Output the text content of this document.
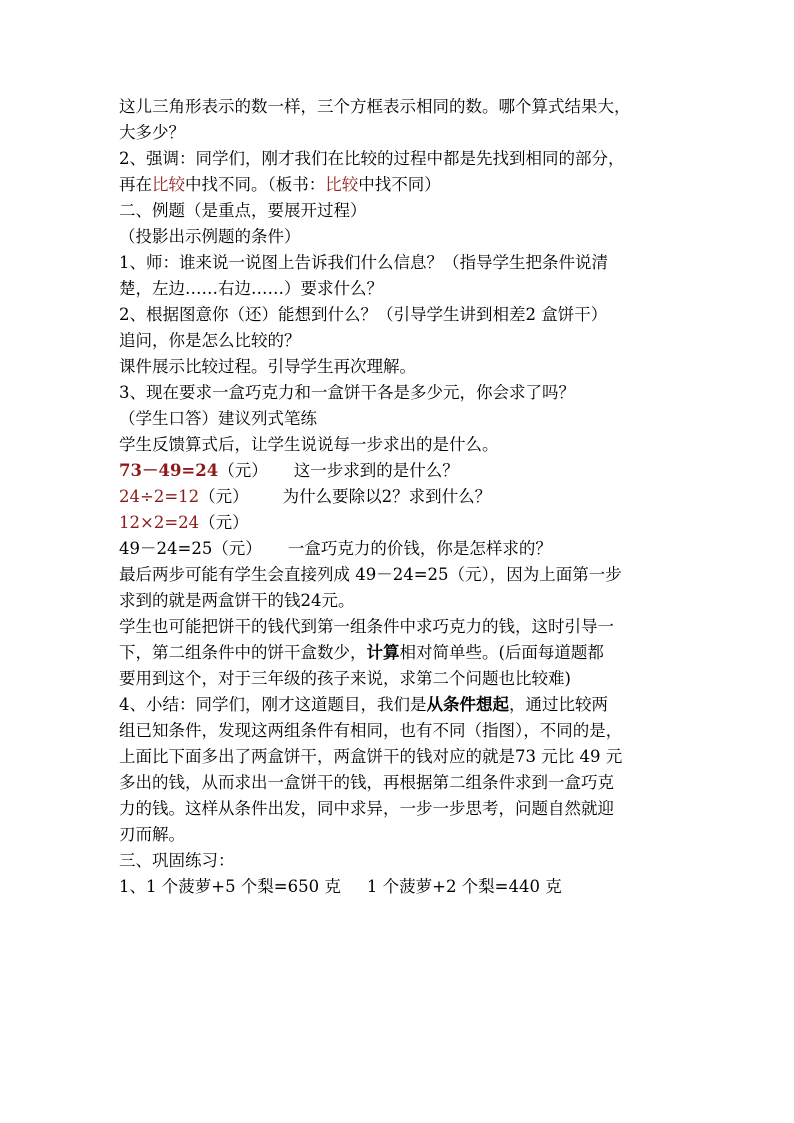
这儿三角形表示的数一样，三个方框表示相同的数。哪个算式结果大，
大多少？
2、强调：同学们，刚才我们在比较的过程中都是先找到相同的部分，
再在比较中找不同。（板书：比较中找不同）
二、例题（是重点，要展开过程）
（投影出示例题的条件）
1、师：谁来说一说图上告诉我们什么信息？（指导学生把条件说清
楚，左边……右边……）要求什么？
2、根据图意你（还）能想到什么？（引导学生讲到相差2 盒饼干）
追问，你是怎么比较的？
课件展示比较过程。引导学生再次理解。
3、现在要求一盒巧克力和一盒饼干各是多少元，你会求了吗？
（学生口答）建议列式笔练
学生反馈算式后，让学生说说每一步求出的是什么。
73－49=24（元） 这一步求到的是什么？
24÷2=12（元） 为什么要除以2？求到什么？
12×2=24（元）
49－24=25（元） 一盒巧克力的价钱，你是怎样求的？
最后两步可能有学生会直接列成 49－24=25（元），因为上面第一步
求到的就是两盒饼干的钱24元。
学生也可能把饼干的钱代到第一组条件中求巧克力的钱，这时引导一
下，第二组条件中的饼干盒数少，计算相对简单些。(后面每道题都
要用到这个，对于三年级的孩子来说，求第二个问题也比较难)
4、小结：同学们，刚才这道题目，我们是从条件想起，通过比较两
组已知条件，发现这两组条件有相同，也有不同（指图），不同的是，
上面比下面多出了两盒饼干，两盒饼干的钱对应的就是73 元比 49 元
多出的钱，从而求出一盒饼干的钱，再根据第二组条件求到一盒巧克
力的钱。这样从条件出发，同中求异，一步一步思考，问题自然就迎
刃而解。
三、巩固练习：
1、1 个菠萝+5 个梨=650 克 1 个菠萝+2 个梨=440 克
